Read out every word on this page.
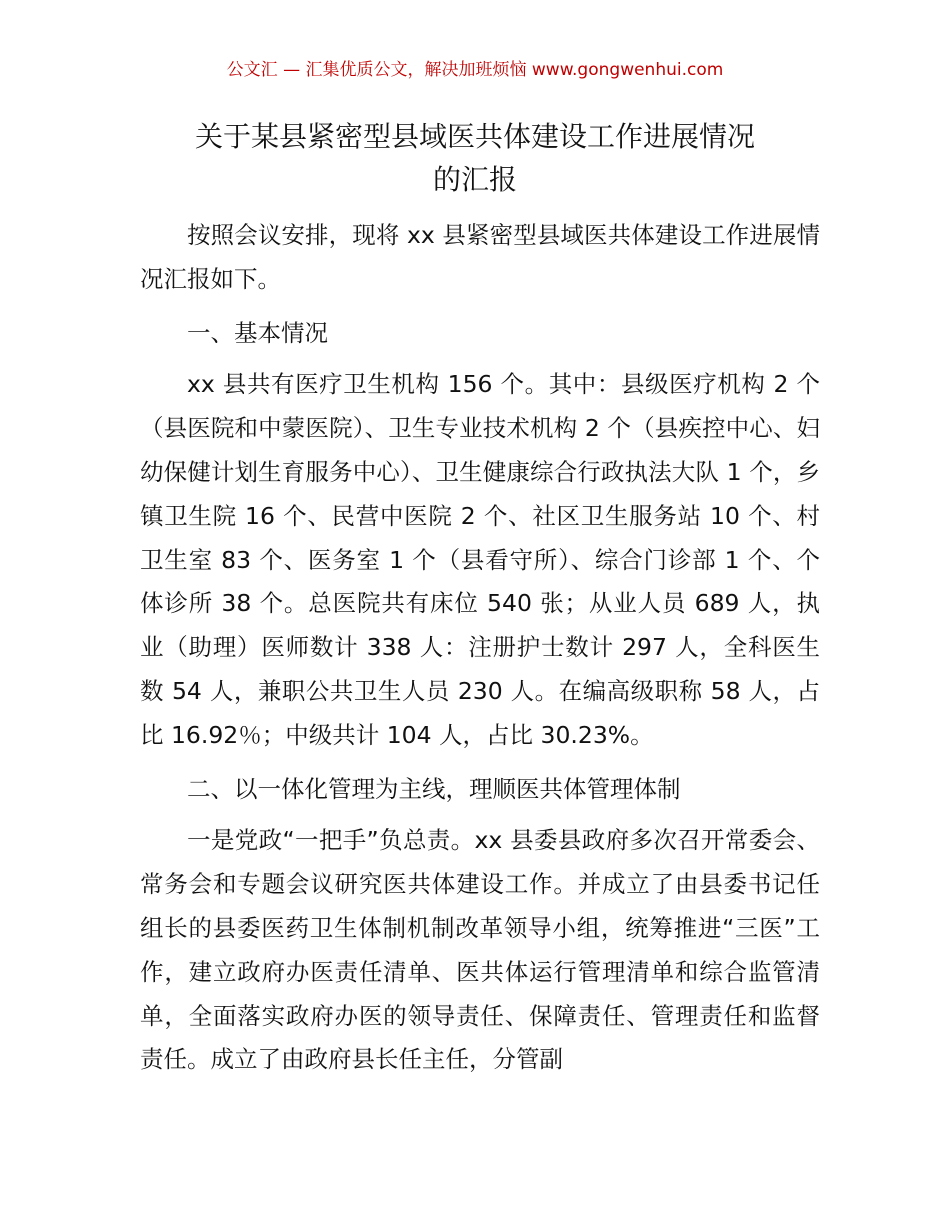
公文汇 — 汇集优质公文，解决加班烦恼 www.gongwenhui.com
关于某县紧密型县域医共体建设工作进展情况
的汇报

按照会议安排，现将 xx 县紧密型县域医共体建设工作进展情况汇报如下。

一、基本情况

xx 县共有医疗卫生机构 156 个。其中：县级医疗机构 2 个（县医院和中蒙医院）、卫生专业技术机构 2 个（县疾控中心、妇幼保健计划生育服务中心）、卫生健康综合行政执法大队 1 个，乡镇卫生院 16 个、民营中医院 2 个、社区卫生服务站 10 个、村卫生室 83 个、医务室 1 个（县看守所）、综合门诊部 1 个、个体诊所 38 个。总医院共有床位 540 张；从业人员 689 人，执业（助理）医师数计 338 人：注册护士数计 297 人，全科医生数 54 人，兼职公共卫生人员 230 人。在编高级职称 58 人，占比 16.92％；中级共计 104 人，占比 30.23%。

二、以一体化管理为主线，理顺医共体管理体制

一是党政“一把手”负总责。xx 县委县政府多次召开常委会、常务会和专题会议研究医共体建设工作。并成立了由县委书记任组长的县委医药卫生体制机制改革领导小组，统筹推进“三医”工作，建立政府办医责任清单、医共体运行管理清单和综合监管清单，全面落实政府办医的领导责任、保障责任、管理责任和监督责任。成立了由政府县长任主任，分管副
